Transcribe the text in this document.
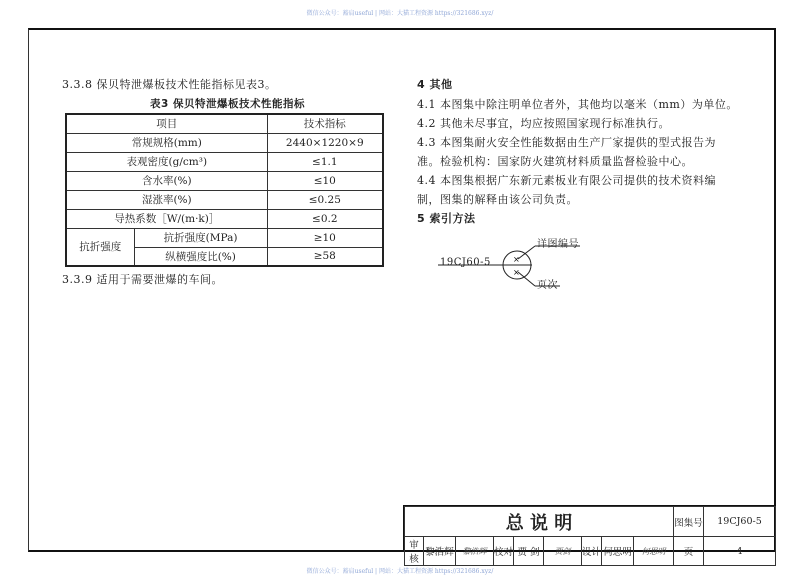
微信公众号：豁肩useful | 网站：大猫工程资源 https://321686.xyz/
微信公众号：豁肩useful | 网站：大猫工程资源 https://321686.xyz/
3.3.8 保贝特泄爆板技术性能指标见表3。
表3 保贝特泄爆板技术性能指标
项目		技术指标
常规规格(mm)		2440×1220×9
表观密度(g/cm³)		≤1.1
含水率(%)		≤10
湿涨率(%)		≤0.25
导热系数［W/(m·k)］		≤0.2
抗折强度	抗折强度(MPa)	≥10
	纵横强度比(%)	≥58
3.3.9 适用于需要泄爆的车间。
4 其他
4.1 本图集中除注明单位者外，其他均以毫米（mm）为单位。
4.2 其他未尽事宜，均应按照国家现行标准执行。
4.3 本图集耐火安全性能数据由生产厂家提供的型式报告为
准。检验机构：国家防火建筑材料质量监督检验中心。
4.4 本图集根据广东新元素板业有限公司提供的技术资料编
制，图集的解释由该公司负责。
5 索引方法
×
×
19CJ60-5
详图编号
页次
总 说 明									图集号	19CJ60-5
审核	黎浩辉	黎浩辉	校对	贾 剑	贾剑	设计	何思明	何思明	页	4
